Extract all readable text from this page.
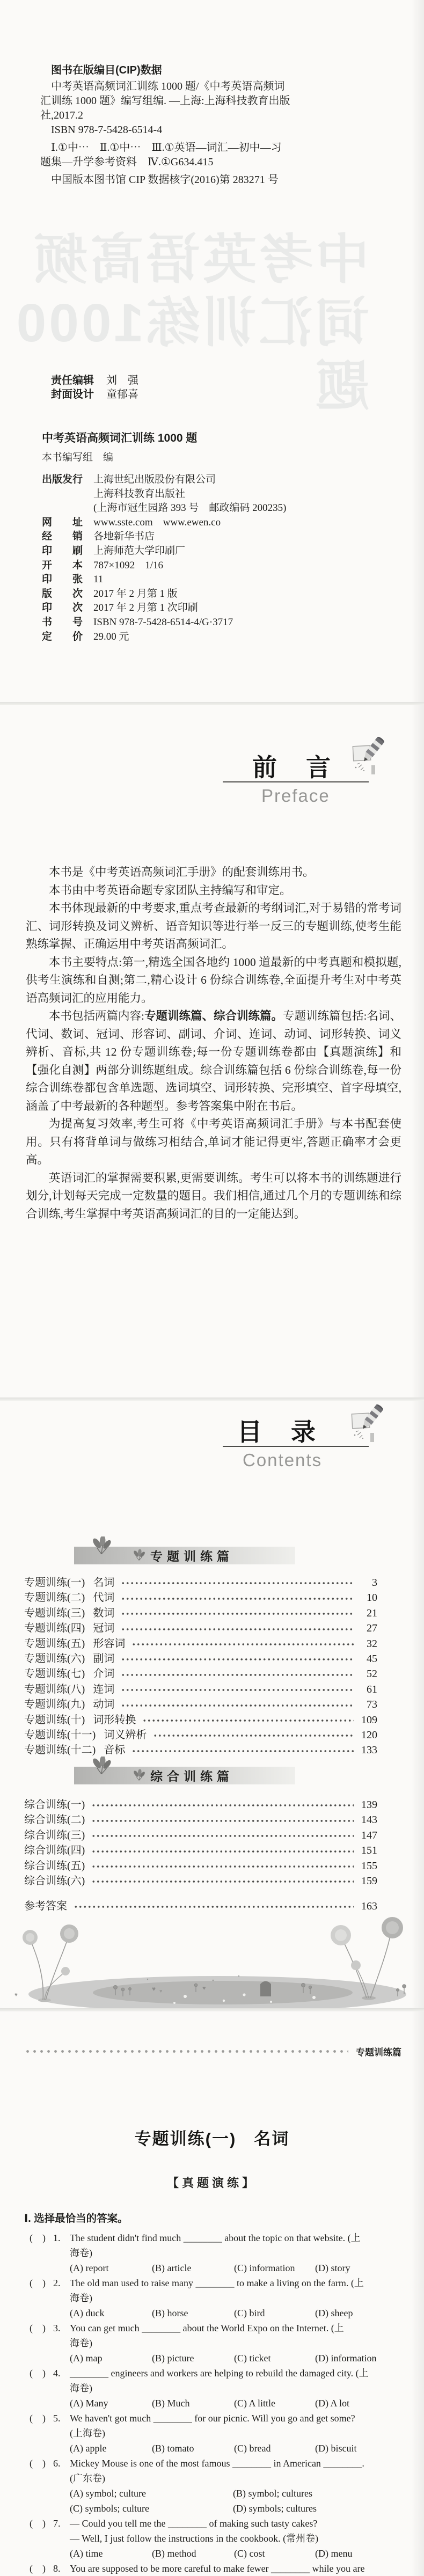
中考英语高频词汇训练1000题
图书在版编目(CIP)数据
中考英语高频词汇训练 1000 题/《中考英语高频词
汇训练 1000 题》编写组编. —上海:上海科技教育出版
社,2017.2
ISBN 978-7-5428-6514-4
Ⅰ.①中⋯　Ⅱ.①中⋯　Ⅲ.①英语—词汇—初中—习
题集—升学参考资料　Ⅳ.①G634.415
中国版本图书馆 CIP 数据核字(2016)第 283271 号
责任编辑 刘　强
封面设计 童郁喜
中考英语高频词汇训练 1000 题
本书编写组　编
出版发行	上海世纪出版股份有限公司
上海科技教育出版社
(上海市冠生园路 393 号　邮政编码 200235)
网　　址	www.sste.com　www.ewen.co
经　　销	各地新华书店
印　　刷	上海师范大学印刷厂
开　　本	787×1092　1/16
印　　张	11
版　　次	2017 年 2 月第 1 版
印　　次	2017 年 2 月第 1 次印刷
书　　号	ISBN 978-7-5428-6514-4/G·3717
定　　价	29.00 元
前　言
Preface

本书是《中考英语高频词汇手册》的配套训练用书。

本书由中考英语命题专家团队主持编写和审定。

本书体现最新的中考要求,重点考查最新的考纲词汇,对于易错的常考词汇、词形转换及词义辨析、语音知识等进行举一反三的专题训练,使考生能熟练掌握、正确运用中考英语高频词汇。

本书主要特点:第一,精选全国各地约 1000 道最新的中考真题和模拟题,供考生演练和自测;第二,精心设计 6 份综合训练卷,全面提升考生对中考英语高频词汇的应用能力。

本书包括两篇内容:专题训练篇、综合训练篇。专题训练篇包括:名词、代词、数词、冠词、形容词、副词、介词、连词、动词、词形转换、词义辨析、音标,共 12 份专题训练卷;每一份专题训练卷都由【真题演练】和【强化自测】两部分训练题组成。综合训练篇包括 6 份综合训练卷,每一份综合训练卷都包含单选题、选词填空、词形转换、完形填空、首字母填空,涵盖了中考最新的各种题型。参考答案集中附在书后。

为提高复习效率,考生可将《中考英语高频词汇手册》与本书配套使用。只有将背单词与做练习相结合,单词才能记得更牢,答题正确率才会更高。

英语词汇的掌握需要积累,更需要训练。考生可以将本书的训练题进行划分,计划每天完成一定数量的题目。我们相信,通过几个月的专题训练和综合训练,考生掌握中考英语高频词汇的目的一定能达到。

目　录
Contents
专题训练篇
专题训练(一) 名词	3
专题训练(二) 代词	10
专题训练(三) 数词	21
专题训练(四) 冠词	27
专题训练(五) 形容词	32
专题训练(六) 副词	45
专题训练(七) 介词	52
专题训练(八) 连词	61
专题训练(九) 动词	73
专题训练(十) 词形转换	109
专题训练(十一) 词义辨析	120
专题训练(十二) 音标	133
综合训练篇
综合训练(一)	139
综合训练(二)	143
综合训练(三)	147
综合训练(四)	151
综合训练(五)	155
综合训练(六)	159
参考答案	163
♥ ♥	♥
♥
专题训练篇
专题训练(一)　名词
【真题演练】
Ⅰ. 选择最恰当的答案。
(　) 1. The student didn't find much ________ about the topic on that website. (上
海卷)
(A) report	(B) article	(C) information	(D) story
(　) 2. The old man used to raise many ________ to make a living on the farm. (上
海卷)
(A) duck	(B) horse	(C) bird	(D) sheep
(　) 3. You can get much ________ about the World Expo on the Internet. (上
海卷)
(A) map	(B) picture	(C) ticket	(D) information
(　) 4. ________ engineers and workers are helping to rebuild the damaged city. (上
海卷)
(A) Many	(B) Much	(C) A little	(D) A lot
(　) 5. We haven't got much ________ for our picnic. Will you go and get some?
(上海卷)
(A) apple	(B) tomato	(C) bread	(D) biscuit
(　) 6. Mickey Mouse is one of the most famous ________ in American ________.
(广东卷)
(A) symbol; culture	(B) symbol; cultures
(C) symbols; culture	(D) symbols; cultures
(　) 7. — Could you tell me the ________ of making such tasty cakes?
— Well, I just follow the instructions in the cookbook. (常州卷)
(A) time	(B) method	(C) cost	(D) menu
(　) 8. You are supposed to be more careful to make fewer ________ while you are
